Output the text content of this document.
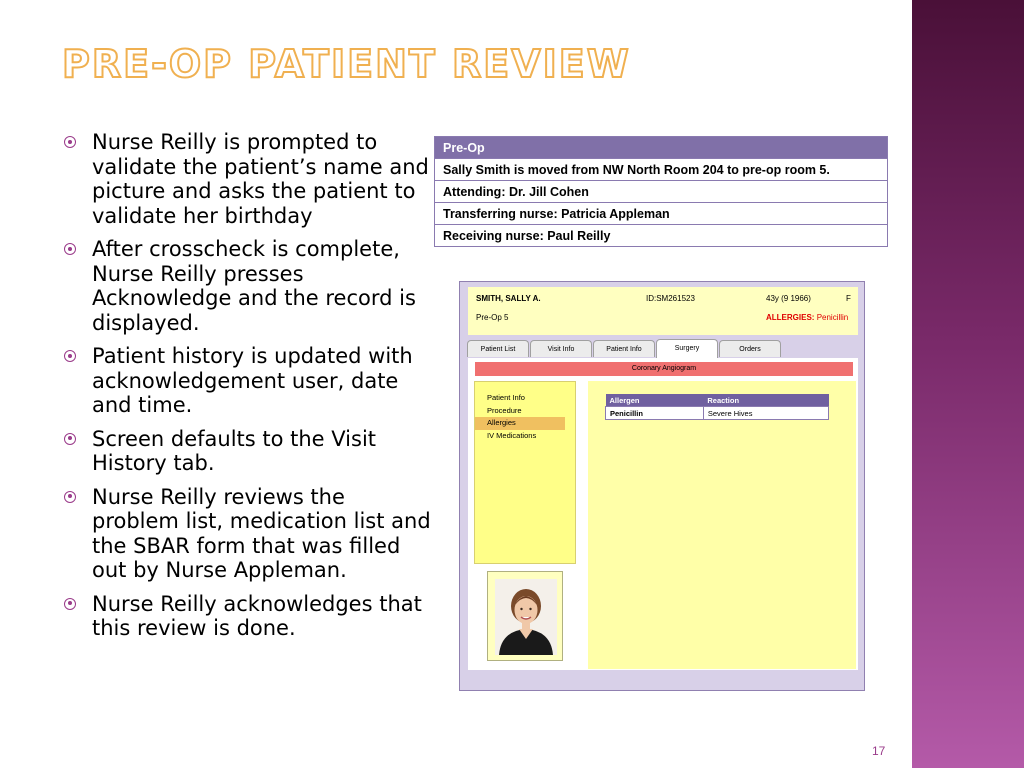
PRE-OP PATIENT REVIEW
Nurse Reilly is prompted to validate the patient’s name and picture and asks the patient to validate her birthday
After crosscheck is complete, Nurse Reilly presses Acknowledge and the record is displayed.
Patient history is updated with acknowledgement user, date and time.
Screen defaults to the Visit History tab.
Nurse Reilly reviews the problem list, medication list and the SBAR form that was filled out by Nurse Appleman.
Nurse Reilly acknowledges that this review is done.
Pre-Op
Sally Smith is moved from NW North Room 204 to pre-op room 5.
Attending: Dr. Jill Cohen
Transferring nurse: Patricia Appleman
Receiving nurse: Paul Reilly
SMITH, SALLY A.	ID:SM261523	43y (9 1966)	F
Pre-Op 5	ALLERGIES: Penicillin
Patient List	Visit Info	Patient Info	Surgery	Orders
Coronary Angiogram
Patient Info
Procedure
Allergies
IV Medications
Allergen	Reaction
Penicillin	Severe Hives
17
